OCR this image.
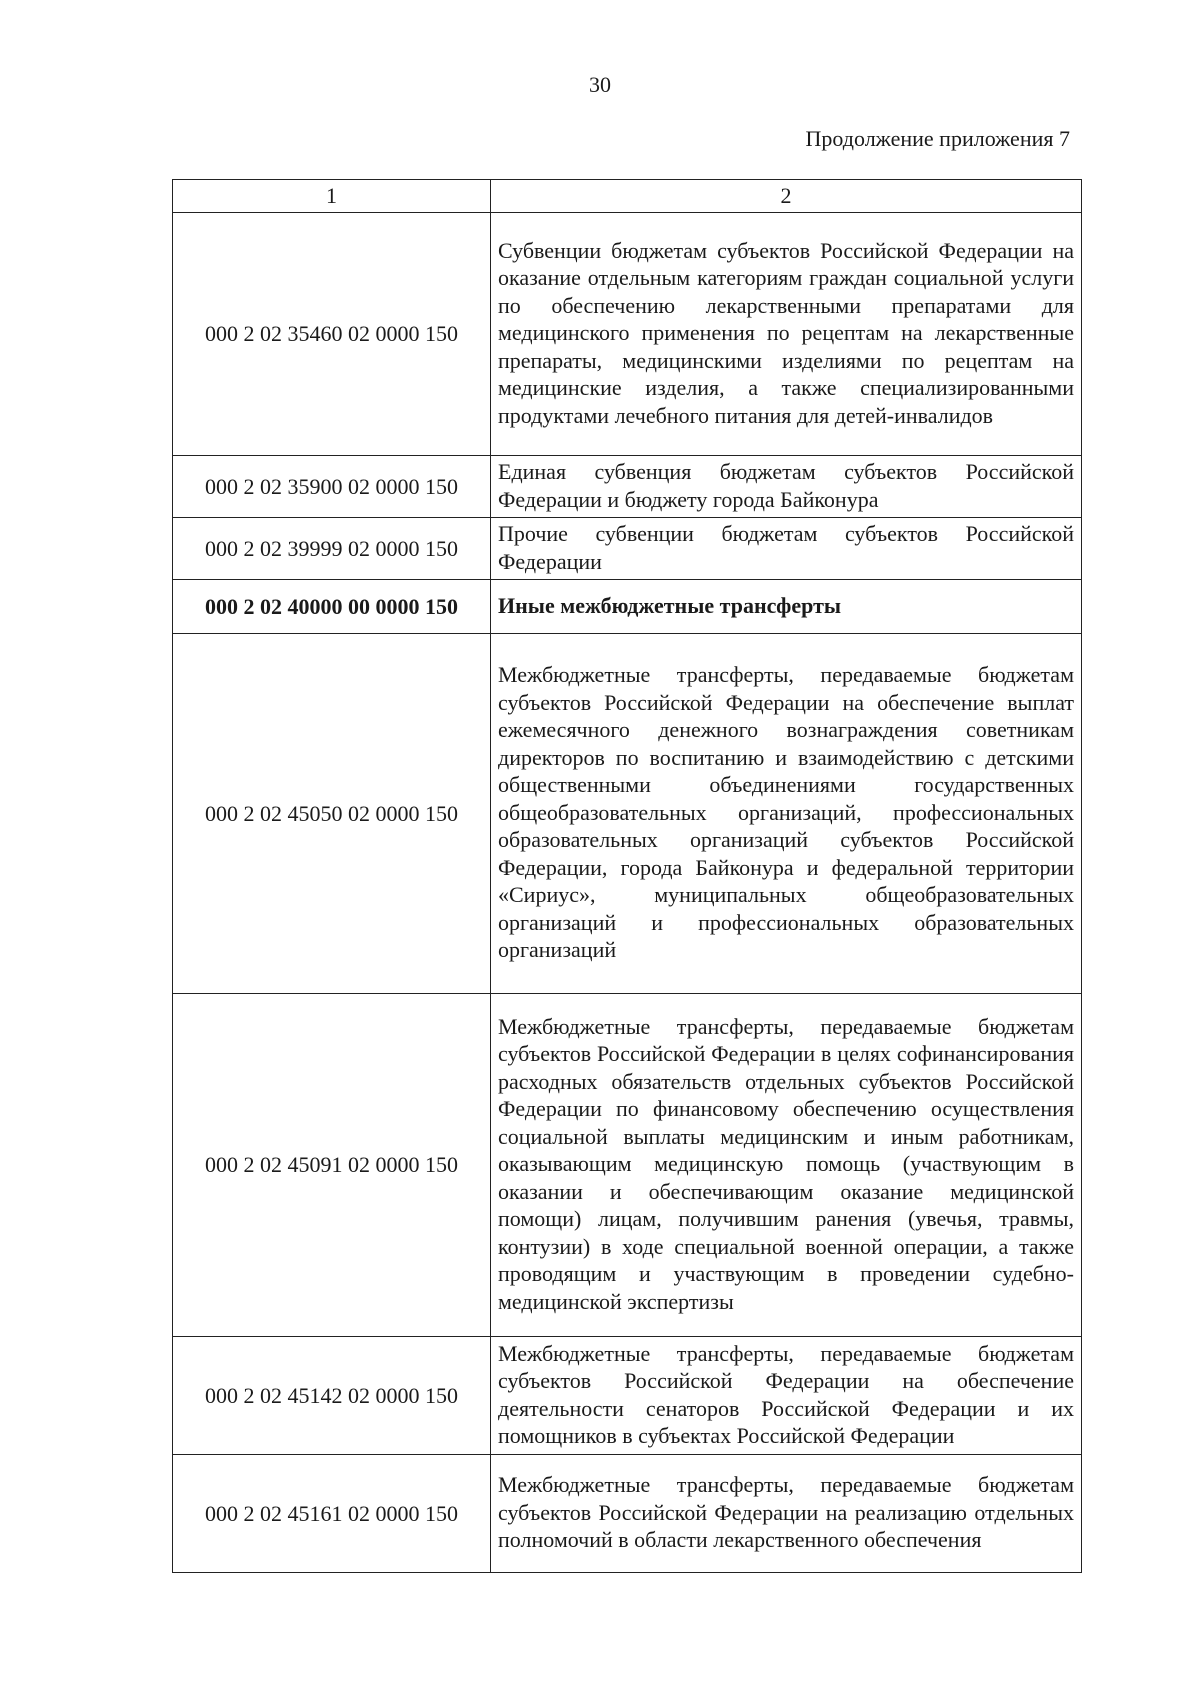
30
Продолжение приложения 7
1	2
000 2 02 35460 02 0000 150	Субвенции бюджетам субъектов Российской Федерации на оказание отдельным категориям граждан социальной услуги по обеспечению лекарственными препаратами для медицинского применения по рецептам на лекарственные препараты, медицинскими изделиями по рецептам на медицинские изделия, а также специализированными продуктами лечебного питания для детей-инвалидов
000 2 02 35900 02 0000 150	Единая субвенция бюджетам субъектов Российской Федерации и бюджету города Байконура
000 2 02 39999 02 0000 150	Прочие субвенции бюджетам субъектов Российской Федерации
000 2 02 40000 00 0000 150	Иные межбюджетные трансферты
000 2 02 45050 02 0000 150	Межбюджетные трансферты, передаваемые бюджетам субъектов Российской Федерации на обеспечение выплат ежемесячного денежного вознаграждения советникам директоров по воспитанию и взаимодействию с детскими общественными объединениями государственных общеобразовательных организаций, профессиональных образовательных организаций субъектов Российской Федерации, города Байконура и федеральной территории «Сириус», муниципальных общеобразовательных организаций и профессиональных образовательных организаций
000 2 02 45091 02 0000 150	Межбюджетные трансферты, передаваемые бюджетам субъектов Российской Федерации в целях софинансирования расходных обязательств отдельных субъектов Российской Федерации по финансовому обеспечению осуществления социальной выплаты медицинским и иным работникам, оказывающим медицинскую помощь (участвующим в оказании и обеспечивающим оказание медицинской помощи) лицам, получившим ранения (увечья, травмы, контузии) в ходе специальной военной операции, а также проводящим и участвующим в проведении судебно-медицинской экспертизы
000 2 02 45142 02 0000 150	Межбюджетные трансферты, передаваемые бюджетам субъектов Российской Федерации на обеспечение деятельности сенаторов Российской Федерации и их помощников в субъектах Российской Федерации
000 2 02 45161 02 0000 150	Межбюджетные трансферты, передаваемые бюджетам субъектов Российской Федерации на реализацию отдельных полномочий в области лекарственного обеспечения
